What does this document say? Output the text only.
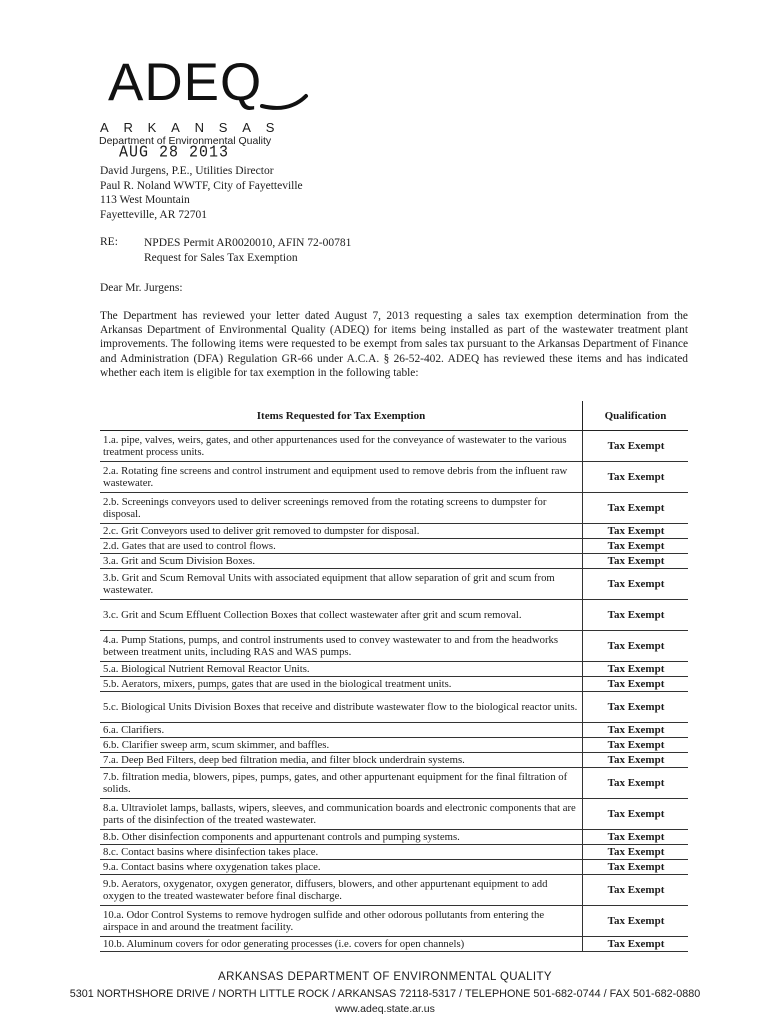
ADEQ
ARKANSAS
Department of Environmental Quality
AUG 28 2013
David Jurgens, P.E., Utilities Director
Paul R. Noland WWTF, City of Fayetteville
113 West Mountain
Fayetteville, AR 72701
RE: NPDES Permit AR0020010, AFIN 72-00781
Request for Sales Tax Exemption
Dear Mr. Jurgens:
The Department has reviewed your letter dated August 7, 2013 requesting a sales tax exemption determination from the Arkansas Department of Environmental Quality (ADEQ) for items being installed as part of the wastewater treatment plant improvements. The following items were requested to be exempt from sales tax pursuant to the Arkansas Department of Finance and Administration (DFA) Regulation GR-66 under A.C.A. § 26-52-402. ADEQ has reviewed these items and has indicated whether each item is eligible for tax exemption in the following table:
Items Requested for Tax Exemption	Qualification
1.a. pipe, valves, weirs, gates, and other appurtenances used for the conveyance of wastewater to the various treatment process units.	Tax Exempt
2.a. Rotating fine screens and control instrument and equipment used to remove debris from the influent raw wastewater.	Tax Exempt
2.b. Screenings conveyors used to deliver screenings removed from the rotating screens to dumpster for disposal.	Tax Exempt
2.c. Grit Conveyors used to deliver grit removed to dumpster for disposal.	Tax Exempt
2.d. Gates that are used to control flows.	Tax Exempt
3.a. Grit and Scum Division Boxes.	Tax Exempt
3.b. Grit and Scum Removal Units with associated equipment that allow separation of grit and scum from wastewater.	Tax Exempt
3.c. Grit and Scum Effluent Collection Boxes that collect wastewater after grit and scum removal.	Tax Exempt
4.a. Pump Stations, pumps, and control instruments used to convey wastewater to and from the headworks between treatment units, including RAS and WAS pumps.	Tax Exempt
5.a. Biological Nutrient Removal Reactor Units.	Tax Exempt
5.b. Aerators, mixers, pumps, gates that are used in the biological treatment units.	Tax Exempt
5.c. Biological Units Division Boxes that receive and distribute wastewater flow to the biological reactor units.	Tax Exempt
6.a. Clarifiers.	Tax Exempt
6.b. Clarifier sweep arm, scum skimmer, and baffles.	Tax Exempt
7.a. Deep Bed Filters, deep bed filtration media, and filter block underdrain systems.	Tax Exempt
7.b. filtration media, blowers, pipes, pumps, gates, and other appurtenant equipment for the final filtration of solids.	Tax Exempt
8.a. Ultraviolet lamps, ballasts, wipers, sleeves, and communication boards and electronic components that are parts of the disinfection of the treated wastewater.	Tax Exempt
8.b. Other disinfection components and appurtenant controls and pumping systems.	Tax Exempt
8.c. Contact basins where disinfection takes place.	Tax Exempt
9.a. Contact basins where oxygenation takes place.	Tax Exempt
9.b. Aerators, oxygenator, oxygen generator, diffusers, blowers, and other appurtenant equipment to add oxygen to the treated wastewater before final discharge.	Tax Exempt
10.a. Odor Control Systems to remove hydrogen sulfide and other odorous pollutants from entering the airspace in and around the treatment facility.	Tax Exempt
10.b. Aluminum covers for odor generating processes (i.e. covers for open channels)	Tax Exempt
ARKANSAS DEPARTMENT OF ENVIRONMENTAL QUALITY
5301 NORTHSHORE DRIVE / NORTH LITTLE ROCK / ARKANSAS 72118-5317 / TELEPHONE 501-682-0744 / FAX 501-682-0880
www.adeq.state.ar.us
